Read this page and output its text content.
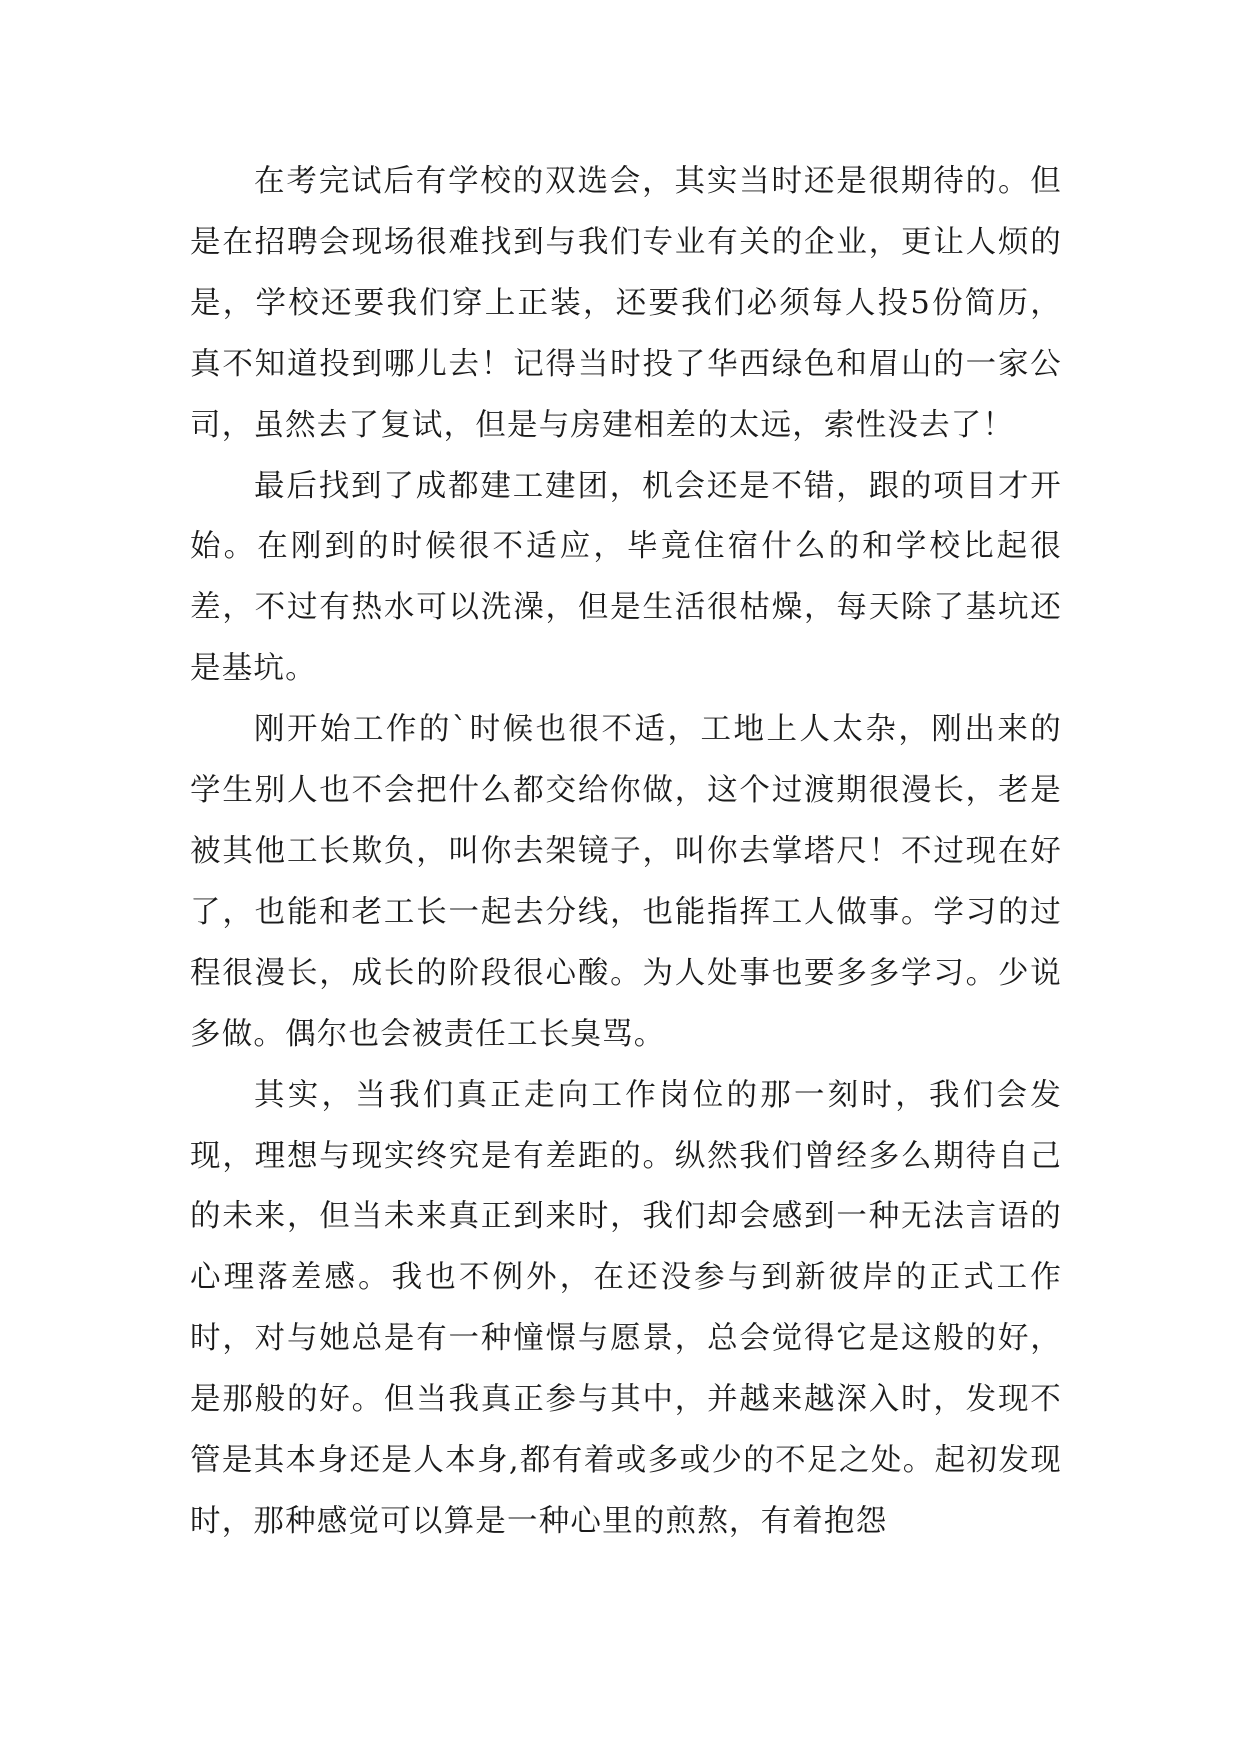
在考完试后有学校的双选会，其实当时还是很期待的。但是在招聘会现场很难找到与我们专业有关的企业，更让人烦的是，学校还要我们穿上正装，还要我们必须每人投5份简历，真不知道投到哪儿去！记得当时投了华西绿色和眉山的一家公司，虽然去了复试，但是与房建相差的太远，索性没去了！

最后找到了成都建工建团，机会还是不错，跟的项目才开始。在刚到的时候很不适应，毕竟住宿什么的和学校比起很差，不过有热水可以洗澡，但是生活很枯燥，每天除了基坑还是基坑。

刚开始工作的`时候也很不适，工地上人太杂，刚出来的学生别人也不会把什么都交给你做，这个过渡期很漫长，老是被其他工长欺负，叫你去架镜子，叫你去掌塔尺！不过现在好了，也能和老工长一起去分线，也能指挥工人做事。学习的过程很漫长，成长的阶段很心酸。为人处事也要多多学习。少说多做。偶尔也会被责任工长臭骂。

其实，当我们真正走向工作岗位的那一刻时，我们会发现，理想与现实终究是有差距的。纵然我们曾经多么期待自己的未来，但当未来真正到来时，我们却会感到一种无法言语的心理落差感。我也不例外，在还没参与到新彼岸的正式工作时，对与她总是有一种憧憬与愿景，总会觉得它是这般的好，是那般的好。但当我真正参与其中，并越来越深入时，发现不管是其本身还是人本身,都有着或多或少的不足之处。起初发现时，那种感觉可以算是一种心里的煎熬，有着抱怨
